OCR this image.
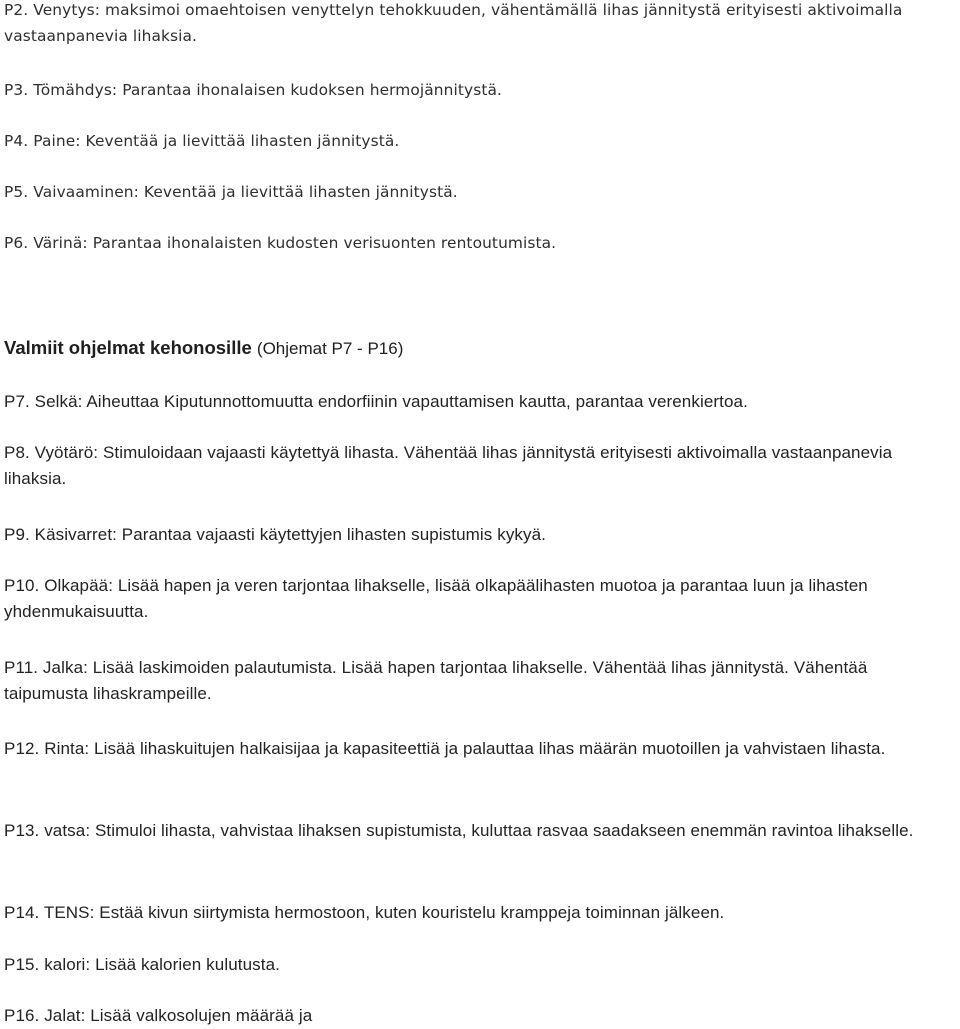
P2. Venytys: maksimoi omaehtoisen venyttelyn tehokkuuden, vähentämällä lihas jännitystä erityisesti aktivoimalla vastaanpanevia lihaksia.

P3. Tömähdys: Parantaa ihonalaisen kudoksen hermojännitystä.

P4. Paine: Keventää ja lievittää lihasten jännitystä.

P5. Vaivaaminen: Keventää ja lievittää lihasten jännitystä.

P6. Värinä: Parantaa ihonalaisten kudosten verisuonten rentoutumista.

Valmiit ohjelmat kehonosille (Ohjemat P7 - P16)

P7. Selkä: Aiheuttaa Kiputunnottomuutta endorfiinin vapauttamisen kautta, parantaa verenkiertoa.

P8. Vyötärö: Stimuloidaan vajaasti käytettyä lihasta. Vähentää lihas jännitystä erityisesti aktivoimalla vastaanpanevia lihaksia.

P9. Käsivarret: Parantaa vajaasti käytettyjen lihasten supistumis kykyä.

P10. Olkapää: Lisää hapen ja veren tarjontaa lihakselle, lisää olkapäälihasten muotoa ja parantaa luun ja lihasten yhdenmukaisuutta.

P11. Jalka: Lisää laskimoiden palautumista. Lisää hapen tarjontaa lihakselle. Vähentää lihas jännitystä. Vähentää taipumusta lihaskrampeille.

P12. Rinta: Lisää lihaskuitujen halkaisijaa ja kapasiteettiä ja palauttaa lihas määrän muotoillen ja vahvistaen lihasta.

P13. vatsa: Stimuloi lihasta, vahvistaa lihaksen supistumista, kuluttaa rasvaa saadakseen enemmän ravintoa lihakselle.

P14. TENS: Estää kivun siirtymista hermostoon, kuten kouristelu kramppeja toiminnan jälkeen.

P15. kalori: Lisää kalorien kulutusta.

P16. Jalat: Lisää valkosolujen määrää ja
